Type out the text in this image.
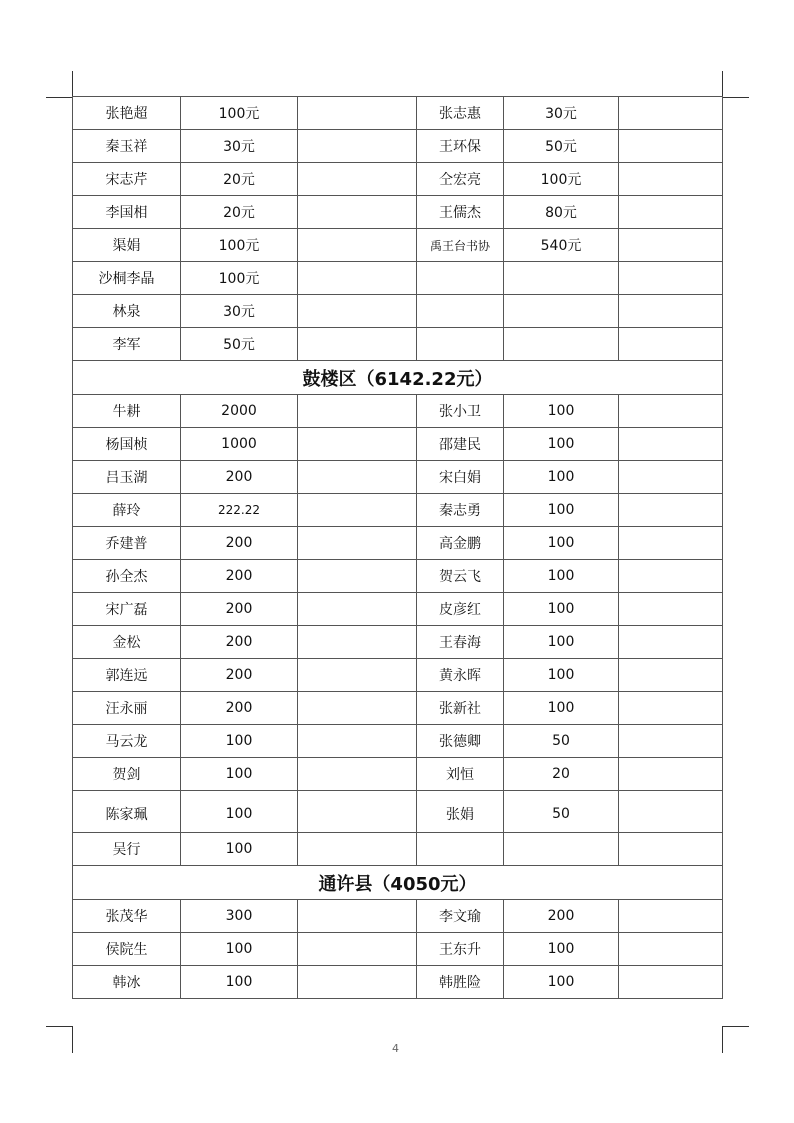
张艳超	100元		张志惠	30元	
秦玉祥	30元		王环保	50元	
宋志芹	20元		仝宏亮	100元	
李国相	20元		王儒杰	80元	
渠娟	100元		禹王台书协	540元	
沙桐李晶	100元				
林泉	30元				
李军	50元				
鼓楼区（6142.22元）					
牛耕	2000		张小卫	100	
杨国桢	1000		邵建民	100	
吕玉湖	200		宋白娟	100	
薛玲	222.22		秦志勇	100	
乔建普	200		高金鹏	100	
孙全杰	200		贺云飞	100	
宋广磊	200		皮彦红	100	
金松	200		王春海	100	
郭连远	200		黄永晖	100	
汪永丽	200		张新社	100	
马云龙	100		张德卿	50	
贺剑	100		刘恒	20	
陈家珮	100		张娟	50	
吴行	100				
通许县（4050元）					
张茂华	300		李文瑜	200	
侯院生	100		王东升	100	
韩冰	100		韩胜险	100	
4
